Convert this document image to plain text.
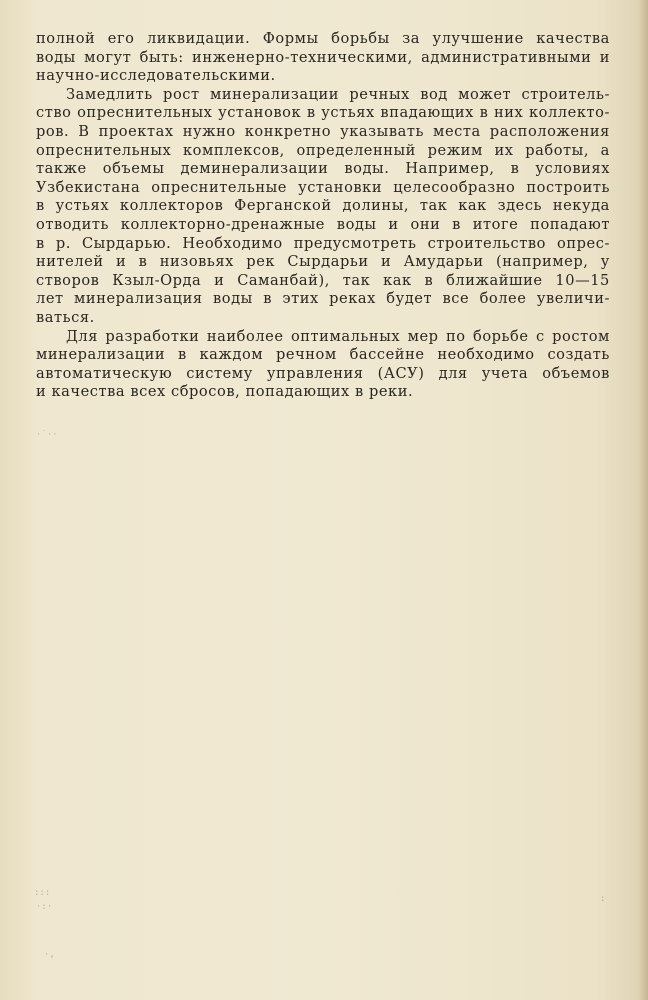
полной его ликвидации. Формы борьбы за улучшение качества
воды могут быть: инженерно-техническими, административными и
научно-исследовательскими.
Замедлить рост минерализации речных вод может строитель-
ство опреснительных установок в устьях впадающих в них коллекто-
ров. В проектах нужно конкретно указывать места расположения
опреснительных комплексов, определенный режим их работы, а
также объемы деминерализации воды. Например, в условиях
Узбекистана опреснительные установки целесообразно построить
в устьях коллекторов Ферганской долины, так как здесь некуда
отводить коллекторно-дренажные воды и они в итоге попадают
в р. Сырдарью. Необходимо предусмотреть строительство опрес-
нителей и в низовьях рек Сырдарьи и Амударьи (например, у
створов Кзыл-Орда и Саманбай), так как в ближайшие 10—15
лет минерализация воды в этих реках будет все более увеличи-
ваться.
Для разработки наиболее оптимальных мер по борьбе с ростом
минерализации в каждом речном бассейне необходимо создать
автоматическую систему управления (АСУ) для учета объемов
и качества всех сбросов, попадающих в реки.
·˙··
:::
·:·
:
·‚
